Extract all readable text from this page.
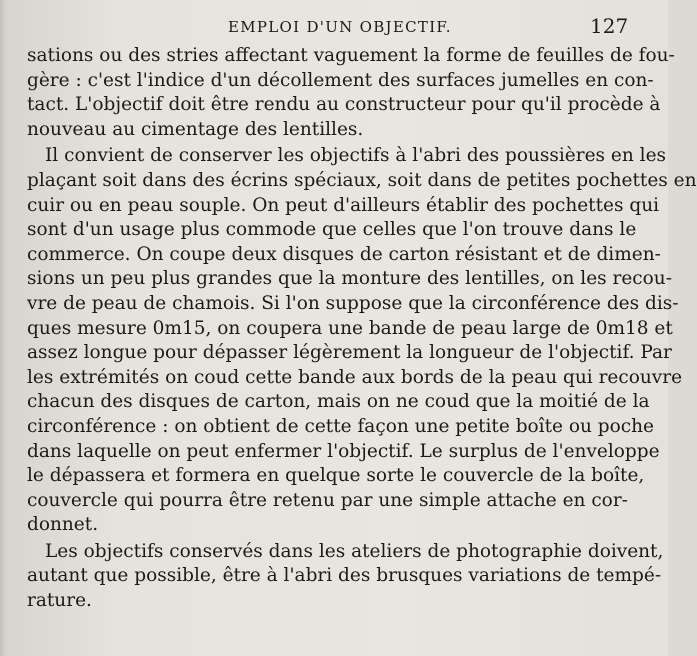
EMPLOI D'UN OBJECTIF.	127
sations ou des stries affectant vaguement la forme de feuilles de fou-
gère : c'est l'indice d'un décollement des surfaces jumelles en con-
tact. L'objectif doit être rendu au constructeur pour qu'il procède à
nouveau au cimentage des lentilles.
Il convient de conserver les objectifs à l'abri des poussières en les
plaçant soit dans des écrins spéciaux, soit dans de petites pochettes en
cuir ou en peau souple. On peut d'ailleurs établir des pochettes qui
sont d'un usage plus commode que celles que l'on trouve dans le
commerce. On coupe deux disques de carton résistant et de dimen-
sions un peu plus grandes que la monture des lentilles, on les recou-
vre de peau de chamois. Si l'on suppose que la circonférence des dis-
ques mesure 0m15, on coupera une bande de peau large de 0m18 et
assez longue pour dépasser légèrement la longueur de l'objectif. Par
les extrémités on coud cette bande aux bords de la peau qui recouvre
chacun des disques de carton, mais on ne coud que la moitié de la
circonférence : on obtient de cette façon une petite boîte ou poche
dans laquelle on peut enfermer l'objectif. Le surplus de l'enveloppe
le dépassera et formera en quelque sorte le couvercle de la boîte,
couvercle qui pourra être retenu par une simple attache en cor-
donnet.
Les objectifs conservés dans les ateliers de photographie doivent,
autant que possible, être à l'abri des brusques variations de tempé-
rature.
